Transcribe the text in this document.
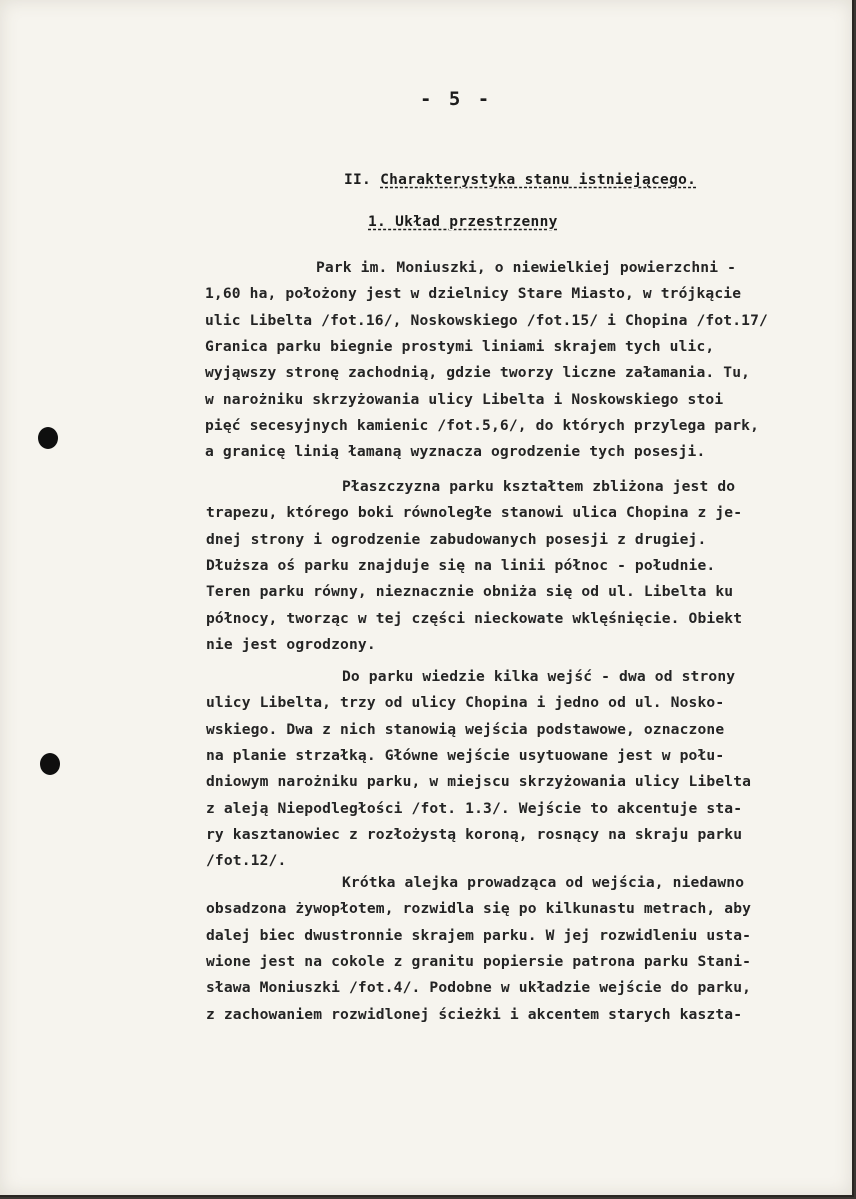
- 5 -
II. Charakterystyka stanu istniejącego.
1. Układ przestrzenny
Park im. Moniuszki, o niewielkiej powierzchni -
1,60 ha, położony jest w dzielnicy Stare Miasto, w trójkącie
ulic Libelta /fot.16/, Noskowskiego /fot.15/ i Chopina /fot.17/
Granica parku biegnie prostymi liniami skrajem tych ulic,
wyjąwszy stronę zachodnią, gdzie tworzy liczne załamania. Tu,
w narożniku skrzyżowania ulicy Libelta i Noskowskiego stoi
pięć secesyjnych kamienic /fot.5,6/, do których przylega park,
a granicę linią łamaną wyznacza ogrodzenie tych posesji.
Płaszczyzna parku kształtem zbliżona jest do
trapezu, którego boki równoległe stanowi ulica Chopina z je-
dnej strony i ogrodzenie zabudowanych posesji z drugiej.
Dłuższa oś parku znajduje się na linii północ - południe.
Teren parku równy, nieznacznie obniża się od ul. Libelta ku
północy, tworząc w tej części nieckowate wklęśnięcie. Obiekt
nie jest ogrodzony.
Do parku wiedzie kilka wejść - dwa od strony
ulicy Libelta, trzy od ulicy Chopina i jedno od ul. Nosko-
wskiego. Dwa z nich stanowią wejścia podstawowe, oznaczone
na planie strzałką. Główne wejście usytuowane jest w połu-
dniowym narożniku parku, w miejscu skrzyżowania ulicy Libelta
z aleją Niepodległości /fot. 1.3/. Wejście to akcentuje sta-
ry kasztanowiec z rozłożystą koroną, rosnący na skraju parku
/fot.12/.
Krótka alejka prowadząca od wejścia, niedawno
obsadzona żywopłotem, rozwidla się po kilkunastu metrach, aby
dalej biec dwustronnie skrajem parku. W jej rozwidleniu usta-
wione jest na cokole z granitu popiersie patrona parku Stani-
sława Moniuszki /fot.4/. Podobne w układzie wejście do parku,
z zachowaniem rozwidlonej ścieżki i akcentem starych kaszta-
